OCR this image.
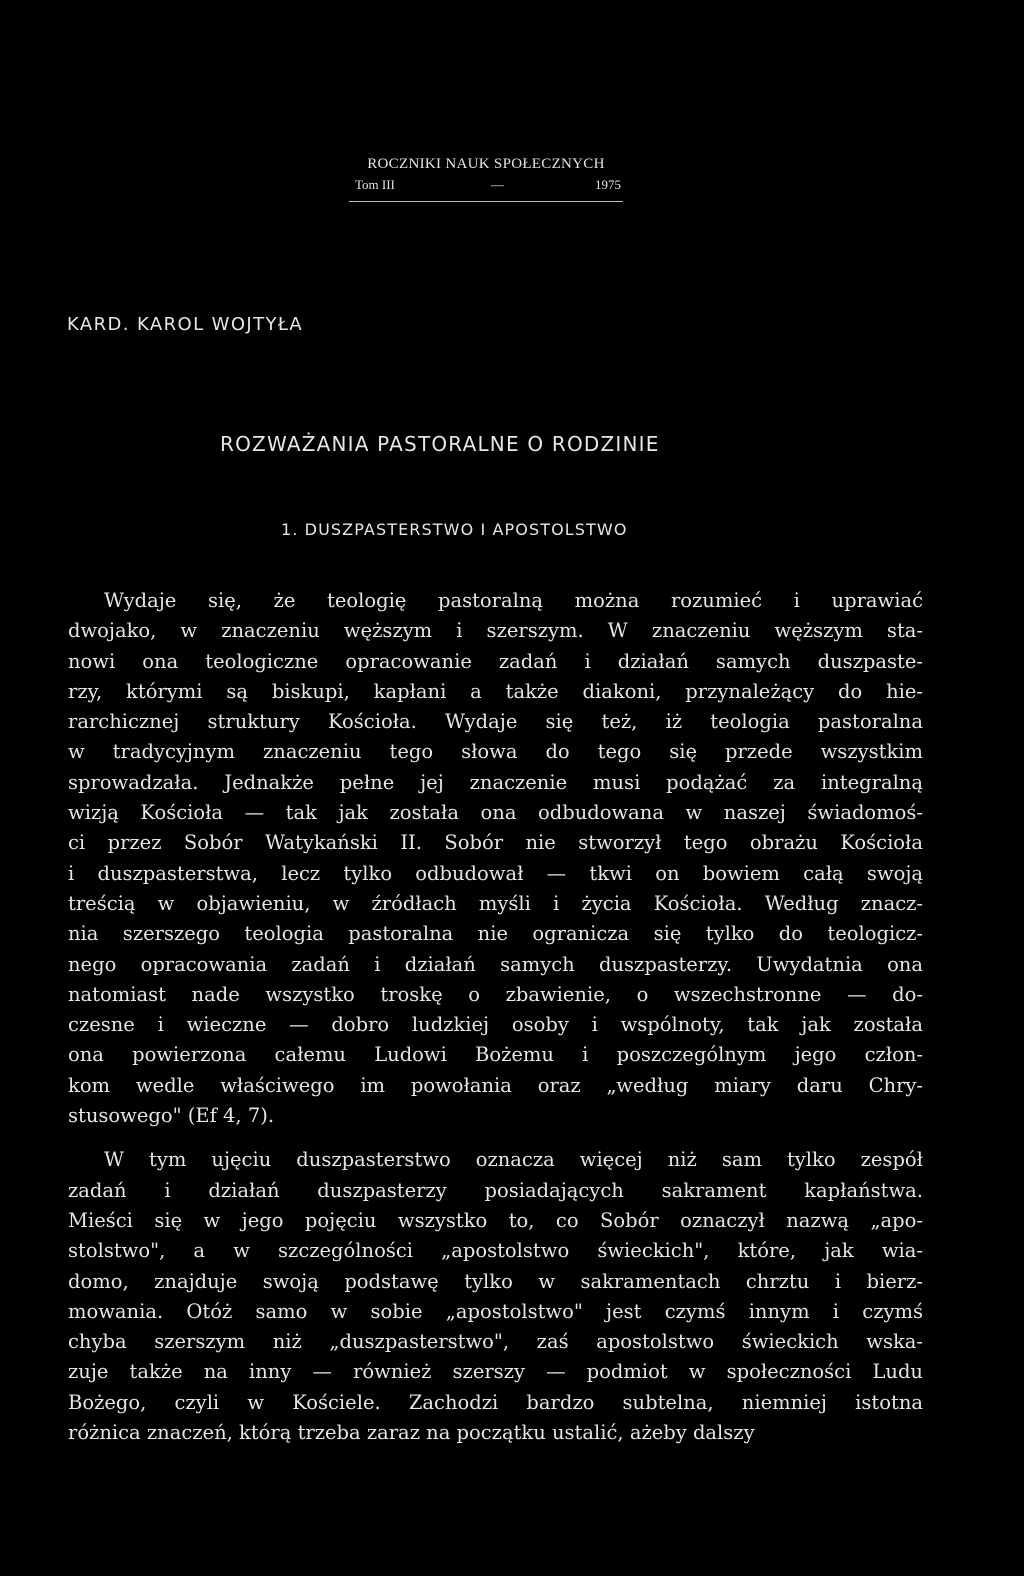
ROCZNIKI NAUK SPOŁECZNYCH
Tom III	—	1975
KARD. KAROL WOJTYŁA
ROZWAŻANIA PASTORALNE O RODZINIE
1. DUSZPASTERSTWO I APOSTOLSTWO

Wydaje się, że teologię pastoralną można rozumieć i uprawiać
dwojako, w znaczeniu węższym i szerszym. W znaczeniu węższym sta-
nowi ona teologiczne opracowanie zadań i działań samych duszpaste-
rzy, którymi są biskupi, kapłani a także diakoni, przynależący do hie-
rarchicznej struktury Kościoła. Wydaje się też, iż teologia pastoralna
w tradycyjnym znaczeniu tego słowa do tego się przede wszystkim
sprowadzała. Jednakże pełne jej znaczenie musi podążać za integralną
wizją Kościoła — tak jak została ona odbudowana w naszej świadomoś-
ci przez Sobór Watykański II. Sobór nie stworzył tego obrażu Kościoła
i duszpasterstwa, lecz tylko odbudował — tkwi on bowiem całą swoją
treścią w objawieniu, w źródłach myśli i życia Kościoła. Według znacz-
nia szerszego teologia pastoralna nie ogranicza się tylko do teologicz-
nego opracowania zadań i działań samych duszpasterzy. Uwydatnia ona
natomiast nade wszystko troskę o zbawienie, o wszechstronne — do-
czesne i wieczne — dobro ludzkiej osoby i wspólnoty, tak jak została
ona powierzona całemu Ludowi Bożemu i poszczególnym jego człon-
kom wedle właściwego im powołania oraz „według miary daru Chry-
stusowego" (Ef 4, 7).

W tym ujęciu duszpasterstwo oznacza więcej niż sam tylko zespół
zadań i działań duszpasterzy posiadających sakrament kapłaństwa.
Mieści się w jego pojęciu wszystko to, co Sobór oznaczył nazwą „apo-
stolstwo", a w szczególności „apostolstwo świeckich", które, jak wia-
domo, znajduje swoją podstawę tylko w sakramentach chrztu i bierz-
mowania. Otóż samo w sobie „apostolstwo" jest czymś innym i czymś
chyba szerszym niż „duszpasterstwo", zaś apostolstwo świeckich wska-
zuje także na inny — również szerszy — podmiot w społeczności Ludu
Bożego, czyli w Kościele. Zachodzi bardzo subtelna, niemniej istotna
różnica znaczeń, którą trzeba zaraz na początku ustalić, ażeby dalszy
